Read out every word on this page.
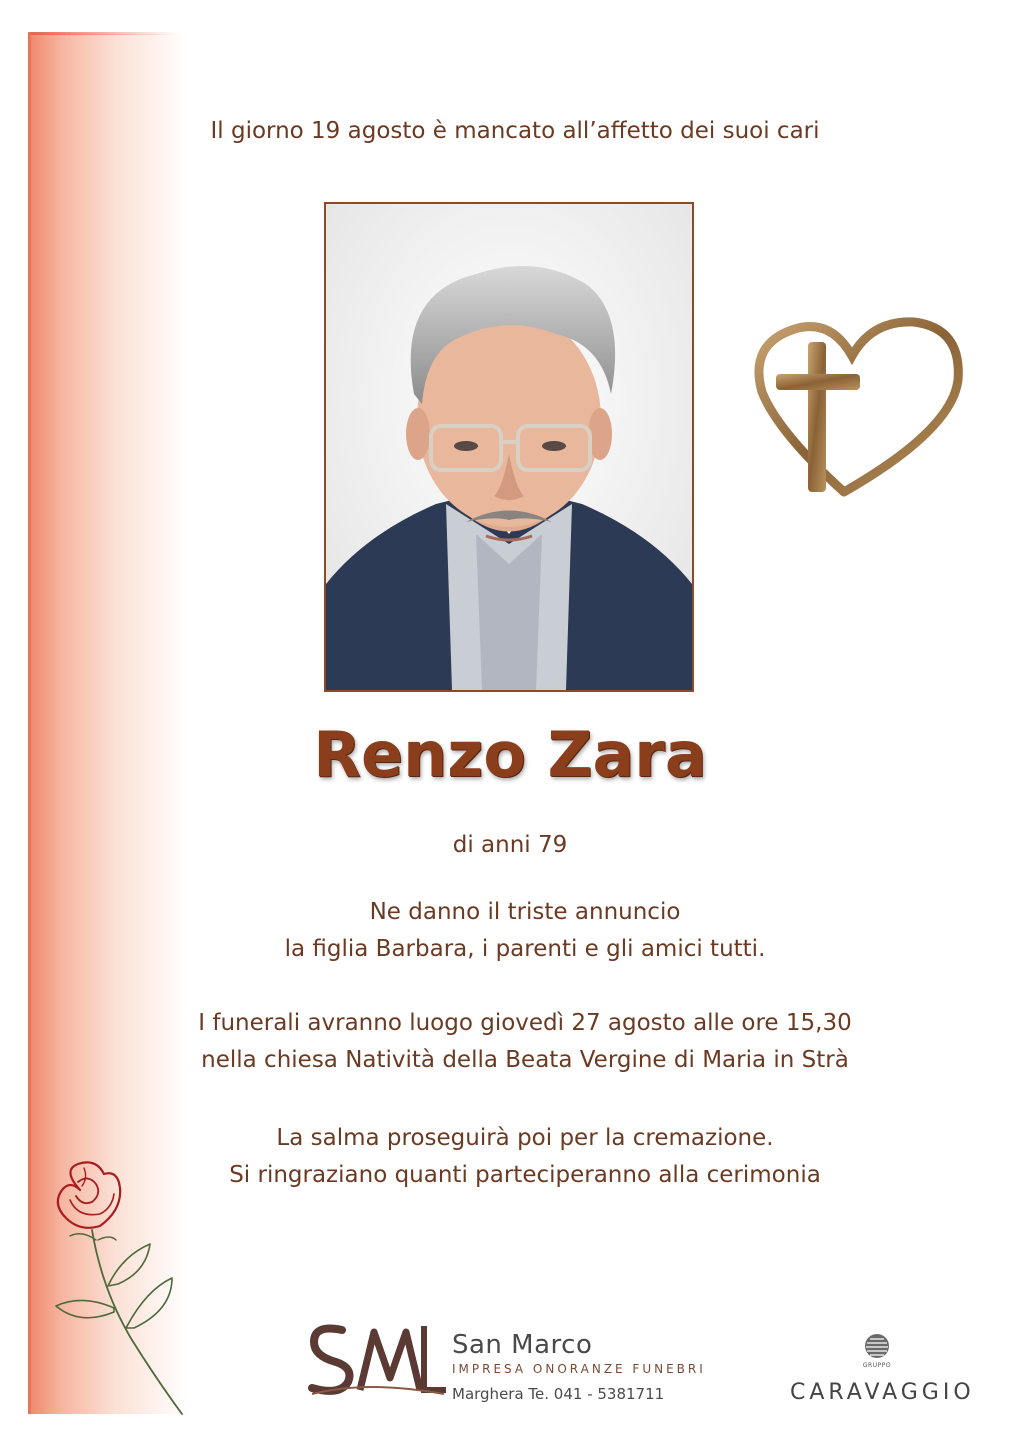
Il giorno 19 agosto è mancato all’affetto dei suoi cari
Renzo Zara
di anni 79

Ne danno il triste annuncio

la figlia Barbara, i parenti e gli amici tutti.

I funerali avranno luogo giovedì 27 agosto alle ore 15,30

nella chiesa Natività della Beata Vergine di Maria in Strà

La salma proseguirà poi per la cremazione.

Si ringraziano quanti parteciperanno alla cerimonia

San Marco
IMPRESA ONORANZE FUNEBRI
Marghera Te. 041 - 5381711
GRUPPO
CARAVAGGIO
